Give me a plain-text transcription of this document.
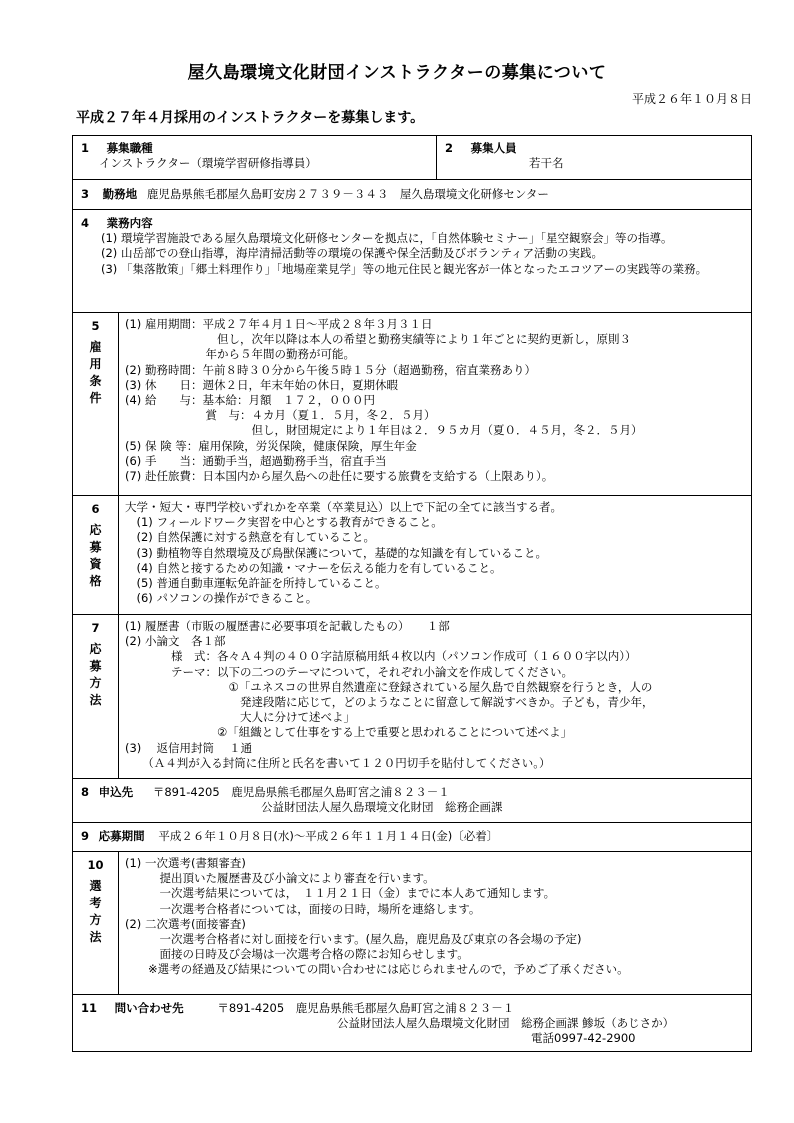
屋久島環境文化財団インストラクターの募集について
平成２６年１０月８日
平成２７年４月採用のインストラクターを募集します。
1 募集職種
インストラクター（環境学習研修指導員）
2 募集人員
若干名
3 勤務地 鹿児島県熊毛郡屋久島町安房２７３９－３４３　屋久島環境文化研修センター
4 業務内容
(1) 環境学習施設である屋久島環境文化研修センターを拠点に，「自然体験セミナー」「星空観察会」等の指導。
(2) 山岳部での登山指導，海岸清掃活動等の環境の保護や保全活動及びボランティア活動の実践。
(3) 「集落散策」「郷土料理作り」「地場産業見学」等の地元住民と観光客が一体となったエコツアーの実践等の業務。
5
雇
用
条
件
(1) 雇用期間：平成２７年４月１日～平成２８年３月３１日
　　　　　　　　但し，次年以降は本人の希望と勤務実績等により１年ごとに契約更新し，原則３
　　　　　　　年から５年間の勤務が可能。
(2) 勤務時間：午前８時３０分から午後５時１５分（超過勤務，宿直業務あり）
(3) 休　　日：週休２日，年末年始の休日，夏期休暇
(4) 給　　与：基本給：月額　１７２，０００円
　　　　　　　賞　与：４カ月（夏１．５月，冬２．５月）
　　　　　　　　　　　但し，財団規定により１年目は２．９５カ月（夏０．４５月，冬２．５月）
(5) 保 険 等：雇用保険，労災保険，健康保険，厚生年金
(6) 手　　当：通勤手当，超過勤務手当，宿直手当
(7) 赴任旅費：日本国内から屋久島への赴任に要する旅費を支給する（上限あり）。
6
応
募
資
格
大学・短大・専門学校いずれかを卒業（卒業見込）以上で下記の全てに該当する者。
　(1) フィールドワーク実習を中心とする教育ができること。
　(2) 自然保護に対する熱意を有していること。
　(3) 動植物等自然環境及び鳥獣保護について，基礎的な知識を有していること。
　(4) 自然と接するための知識・マナーを伝える能力を有していること。
　(5) 普通自動車運転免許証を所持していること。
　(6) パソコンの操作ができること。
7
応
募
方
法
(1) 履歴書（市販の履歴書に必要事項を記載したもの）　　１部
(2) 小論文　各１部
　　　　様　式：各々Ａ４判の４００字詰原稿用紙４枚以内（パソコン作成可（１６００字以内））
　　　　テーマ：以下の二つのテーマについて，それぞれ小論文を作成してください。
　　　　　　　　　①「ユネスコの世界自然遺産に登録されている屋久島で自然観察を行うとき，人の
　　　　　　　　　　発達段階に応じて，どのようなことに留意して解説すべきか。子ども，青少年，
　　　　　　　　　　大人に分けて述べよ」
　　　　　　　　②「組織として仕事をする上で重要と思われることについて述べよ」
(3)　 返信用封筒　 １通
　　（Ａ４判が入る封筒に住所と氏名を書いて１２０円切手を貼付してください。）
8 申込先 〒891-4205　鹿児島県熊毛郡屋久島町宮之浦８２３－１
公益財団法人屋久島環境文化財団　総務企画課
9 応募期間 平成２６年１０月８日(水)～平成２６年１１月１４日(金)〔必着〕
10
選
考
方
法
(1) 一次選考(書類審査)
　　　提出頂いた履歴書及び小論文により審査を行います。
　　　一次選考結果については，　１１月２１日（金）までに本人あて通知します。
　　　一次選考合格者については，面接の日時，場所を連絡します。
(2) 二次選考(面接審査)
　　　一次選考合格者に対し面接を行います。(屋久島，鹿児島及び東京の各会場の予定)
　　　面接の日時及び会場は一次選考合格の際にお知らせします。
　　※選考の経過及び結果についての問い合わせには応じられませんので，予めご了承ください。
11 問い合わせ先	〒891-4205　鹿児島県熊毛郡屋久島町宮之浦８２３－１
公益財団法人屋久島環境文化財団　総務企画課 鯵坂（あじさか）
電話0997-42-2900
